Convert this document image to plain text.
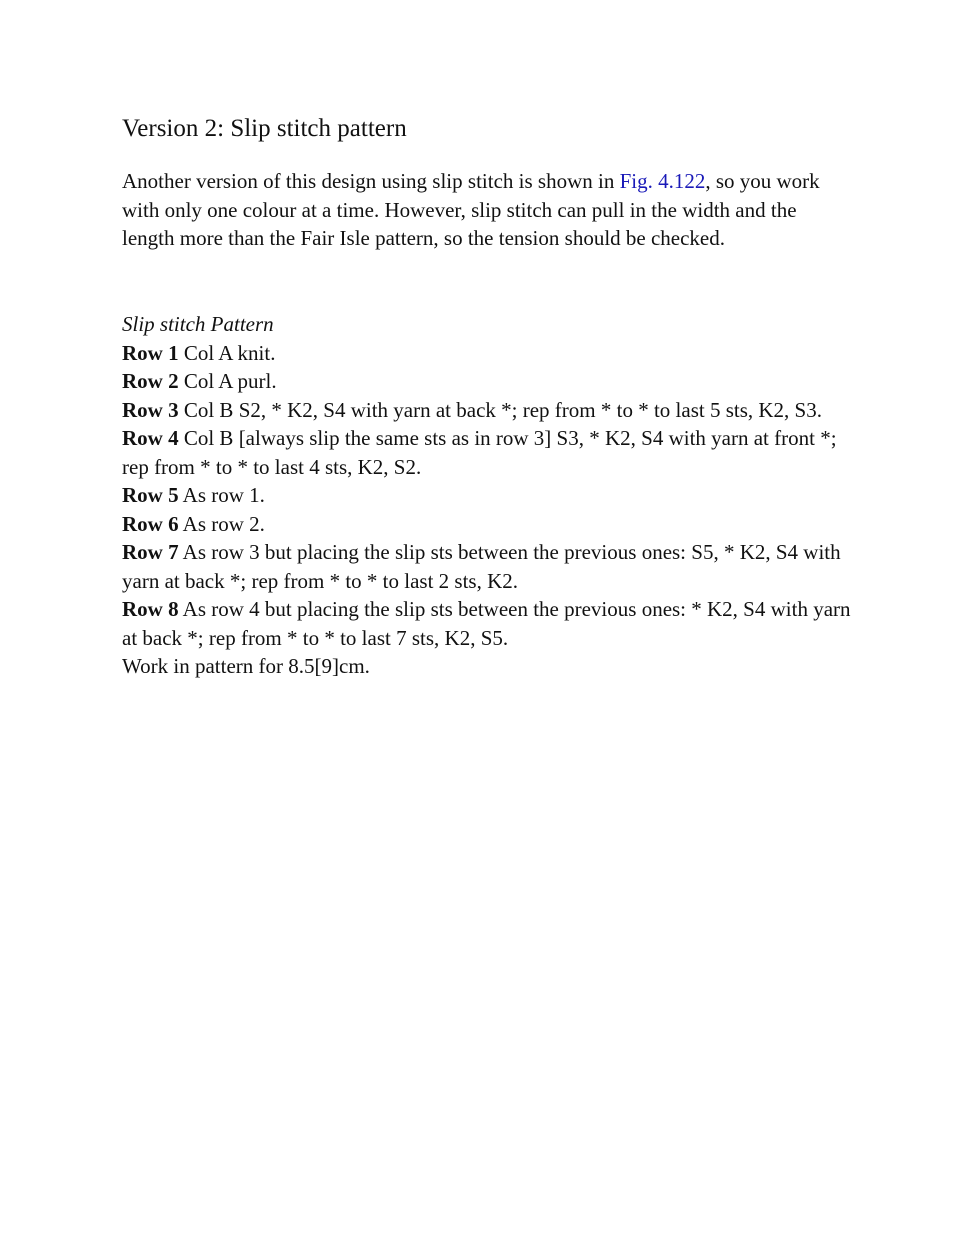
Version 2: Slip stitch pattern

Another version of this design using slip stitch is shown in Fig. 4.122, so you work with only one colour at a time. However, slip stitch can pull in the width and the length more than the Fair Isle pattern, so the tension should be checked.

Slip stitch Pattern
Row 1 Col A knit.
Row 2 Col A purl.
Row 3 Col B S2, * K2, S4 with yarn at back *; rep from * to * to last 5 sts, K2, S3.
Row 4 Col B [always slip the same sts as in row 3] S3, * K2, S4 with yarn at front *; rep from * to * to last 4 sts, K2, S2.
Row 5 As row 1.
Row 6 As row 2.
Row 7 As row 3 but placing the slip sts between the previous ones: S5, * K2, S4 with yarn at back *; rep from * to * to last 2 sts, K2.
Row 8 As row 4 but placing the slip sts between the previous ones: * K2, S4 with yarn at back *; rep from * to * to last 7 sts, K2, S5.
Work in pattern for 8.5[9]cm.
